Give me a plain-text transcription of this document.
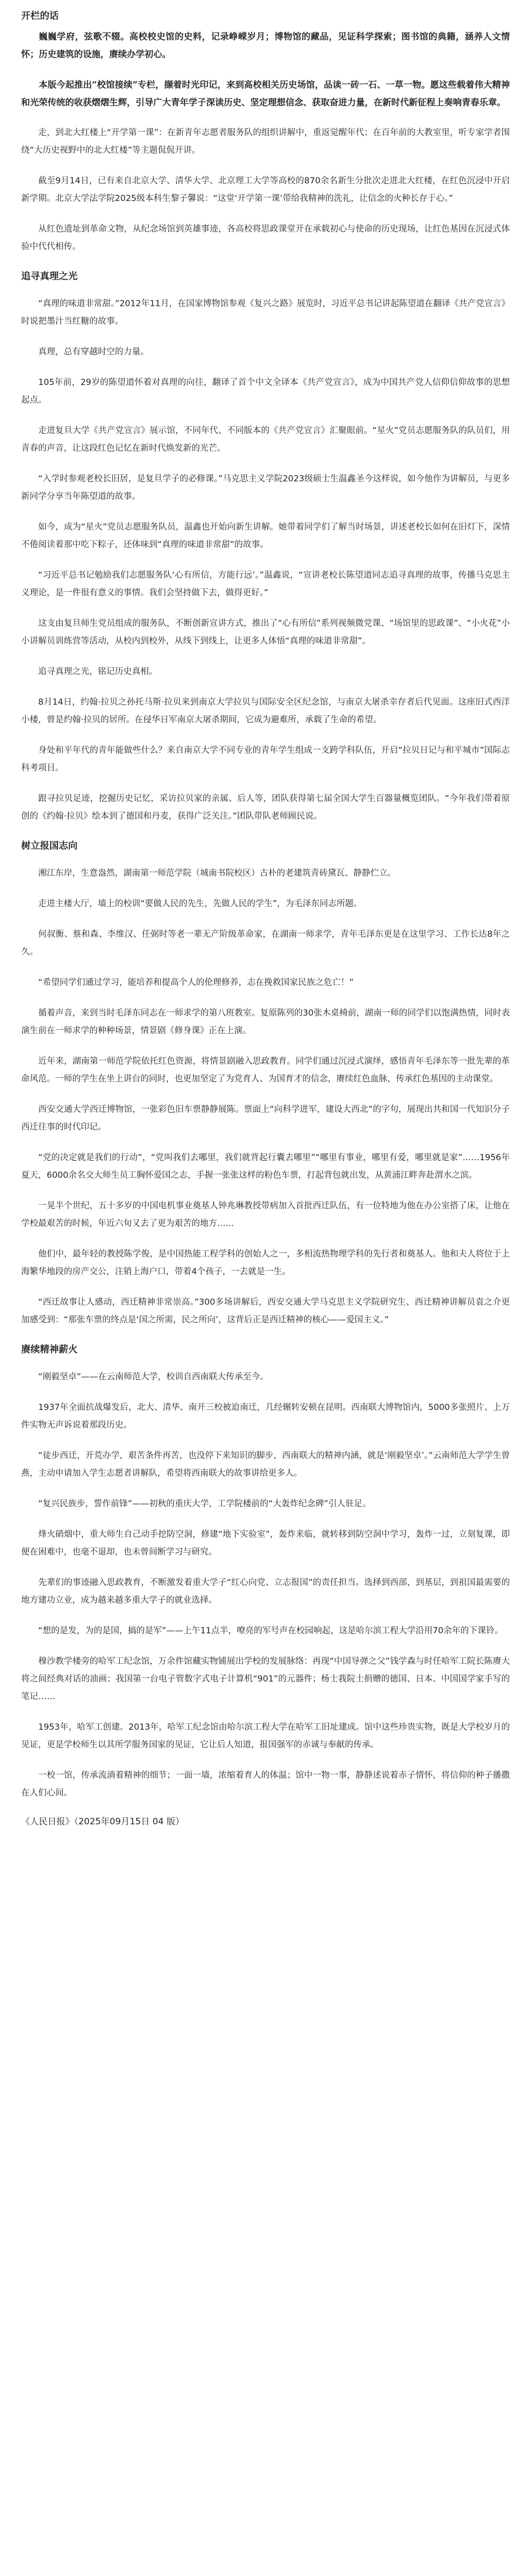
开栏的话

巍巍学府，弦歌不辍。高校校史馆的史料，记录峥嵘岁月；博物馆的藏品，见证科学探索；图书馆的典籍，涵养人文情怀；历史建筑的设施，赓续办学初心。

本版今起推出“校馆接续”专栏，撷着时光印记，来到高校相关历史场馆，品读一砖一石、一草一物。愿这些载着伟大精神和光荣传统的收获熠熠生辉，引导广大青年学子深读历史、坚定理想信念、获取奋进力量，在新时代新征程上奏响青春乐章。

走，到北大红楼上“开学第一课”：在新青年志愿者服务队的组织讲解中，重返觉醒年代；在百年前的大教室里，听专家学者围绕“大历史视野中的北大红楼”等主题侃侃开讲。

截至9月14日，已有来自北京大学、清华大学、北京理工大学等高校的870余名新生分批次走进北大红楼，在红色沉浸中开启新学期。北京大学法学院2025级本科生黎子馨说：“这堂‘开学第一课’带给我精神的洗礼，让信念的火种长存于心。”

从红色遗址到革命文物，从纪念场馆到英雄事迹，各高校将思政课堂开在承载初心与使命的历史现场，让红色基因在沉浸式体验中代代相传。

追寻真理之光

“真理的味道非常甜。”2012年11月，在国家博物馆参观《复兴之路》展览时，习近平总书记讲起陈望道在翻译《共产党宣言》时说把墨汁当红糖的故事。

真理，总有穿越时空的力量。

105年前，29岁的陈望道怀着对真理的向往，翻译了首个中文全译本《共产党宣言》，成为中国共产党人信仰信仰故事的思想起点。

走进复旦大学《共产党宣言》展示馆，不同年代、不同版本的《共产党宣言》汇聚眼前。“星火”党员志愿服务队的队员们，用青春的声音，让这段红色记忆在新时代焕发新的光芒。

“入学时参观老校长旧居，是复旦学子的必修课。”马克思主义学院2023级硕士生温鑫圣今这样说，如今他作为讲解员，与更多新同学分享当年陈望道的故事。

如今，成为“星火”党员志愿服务队员，温鑫也开始向新生讲解。她带着同学们了解当时场景，讲述老校长如何在旧灯下，深情不倦阅读着那中吃下粽子，还体味到“真理的味道非常甜”的故事。

“习近平总书记勉励我们志愿服务队‘心有所信，方能行远’。”温鑫说，“宣讲老校长陈望道同志追寻真理的故事，传播马克思主义理论，是一件很有意义的事情。我们会坚持做下去，做得更好。”

这支由复旦师生党员组成的服务队，不断创新宣讲方式，推出了“心有所信”系列视频微党课、“场馆里的思政课”、“小火花”小小讲解员训练营等活动，从校内到校外，从线下到线上，让更多人体悟“真理的味道非常甜”。

追寻真理之光，铭记历史真相。

8月14日，约翰·拉贝之孙托马斯·拉贝来到南京大学拉贝与国际安全区纪念馆，与南京大屠杀幸存者后代见面。这座旧式西洋小楼，曾是约翰·拉贝的居所。在侵华日军南京大屠杀期间，它成为避难所，承载了生命的希望。

身处和平年代的青年能做些什么？来自南京大学不同专业的青年学生组成一支跨学科队伍，开启“拉贝日记与和平城市”国际志科考项目。

跟寻拉贝足迹，挖掘历史记忆，采访拉贝家的亲属、后人等，团队获得第七届全国大学生百器量概览团队。“今年我们带着原创的《约翰·拉贝》绘本到了德国和丹麦，获得广泛关注。”团队带队老师顾民说。

树立报国志向

湘江东岸，生意盎然，湖南第一师范学院（城南书院校区）古朴的老建筑青砖黛瓦、静静伫立。

走进主楼大厅，墙上的校训“要做人民的先生，先做人民的学生”，为毛泽东同志所题。

何叔衡、蔡和森、李维汉、任弼时等老一辈无产阶级革命家，在湖南一师求学，青年毛泽东更是在这里学习、工作长达8年之久。

“希望同学们通过学习，能培养和提高个人的伦理修养，志在挽救国家民族之危亡！”

循着声音，来到当时毛泽东同志在一师求学的第八班教室。复原陈列的30张木桌椅前，湖南一师的同学们以饱满热情，同时表演生前在一师求学的种种场景，情景剧《修身课》正在上演。

近年来，湖南第一师范学院依托红色资源，将情景剧融入思政教育。同学们通过沉浸式演绎，感悟青年毛泽东等一批先辈的革命风范。一师的学生在坐上讲台的同时，也更加坚定了为党育人、为国育才的信念，赓续红色血脉，传承红色基因的主动课堂。

西安交通大学西迁博物馆，一张彩色旧车票静静展陈。票面上“向科学进军，建设大西北”的字句，展现出共和国一代知识分子西迁往事的时代印记。

“党的决定就是我们的行动”，“党叫我们去哪里，我们就背起行囊去哪里”“哪里有事业，哪里有爱，哪里就是家”……1956年夏天，6000余名交大师生员工胸怀爱国之志，手握一张张这样的粉色车票，打起背包就出发，从黄浦江畔奔赴渭水之滨。

一晃半个世纪，五十多岁的中国电机事业奠基人钟兆琳教授带病加入首批西迁队伍，有一位特地为他在办公室搭了床，让他在学校最艰苦的时候，年近六旬又去了更为艰苦的地方……

他们中，最年轻的教授陈学俊，是中国热能工程学科的创始人之一，多相流热物理学科的先行者和奠基人。他和夫人将位于上海繁华地段的房产交公，注销上海户口，带着4个孩子，一去就是一生。

“西迁故事让人感动，西迁精神非常崇高。”300多场讲解后，西安交通大学马克思主义学院研究生、西迁精神讲解员袁之介更加感受到：“那张车票的终点是‘国之所需，民之所向’，这背后正是西迁精神的核心——爱国主义。”

赓续精神薪火

“刚毅坚卓”——在云南师范大学，校训自西南联大传承至今。

1937年全面抗战爆发后，北大、清华、南开三校被迫南迁，几经辗转安顿在昆明。西南联大博物馆内，5000多张照片、上万件实物无声诉说着那段历史。

“徒步西迁，开荒办学，艰苦条件再苦，也没停下来知识的脚步，西南联大的精神内涵，就是‘刚毅坚卓’。”云南师范大学学生曾燕，主动申请加入学生志愿者讲解队，希望将西南联大的故事讲给更多人。

“复兴民族步，誓作前锋”——初秋的重庆大学，工学院楼前的“大轰炸纪念碑”引人驻足。

烽火硝烟中，重大师生自己动手挖防空洞，修建“地下实验室”，轰炸来临，就转移到防空洞中学习，轰炸一过，立刻复课，即便在困难中，也毫不退却，也未曾间断学习与研究。

先辈们的事迹融入思政教育，不断激发着重大学子“红心向党、立志报国”的责任担当。选择到西部，到基层，到祖国最需要的地方建功立业，成为越来越多重大学子的就业选择。

“想的是发，为的是国，搞的是军”——上午11点半，嘹亮的军号声在校园响起，这是哈尔滨工程大学沿用70余年的下课铃。

穆沙教学楼旁的哈军工纪念馆，万余件馆藏实物铺展出学校的发展脉络：再现“中国导弹之父”钱学森与时任哈军工院长陈赓大将之间经典对话的油画；我国第一台电子管数字式电子计算机“901”的元器件；杨士莪院士捐赠的德国、日本、中国国学家手写的笔记……

1953年，哈军工创建。2013年，哈军工纪念馆由哈尔滨工程大学在哈军工旧址建成。馆中这些珍贵实物，既是大学校岁月的见证，更是学校师生以其所学服务国家的见证，它让后人知道，报国强军的赤诚与奉献的传承。

一校一馆，传承流淌着精神的细节；一面一墙，浓缩着育人的体温；馆中一物一事，静静述说着赤子情怀，将信仰的种子播撒在人们心间。

《人民日报》（2025年09月15日 04 版）
